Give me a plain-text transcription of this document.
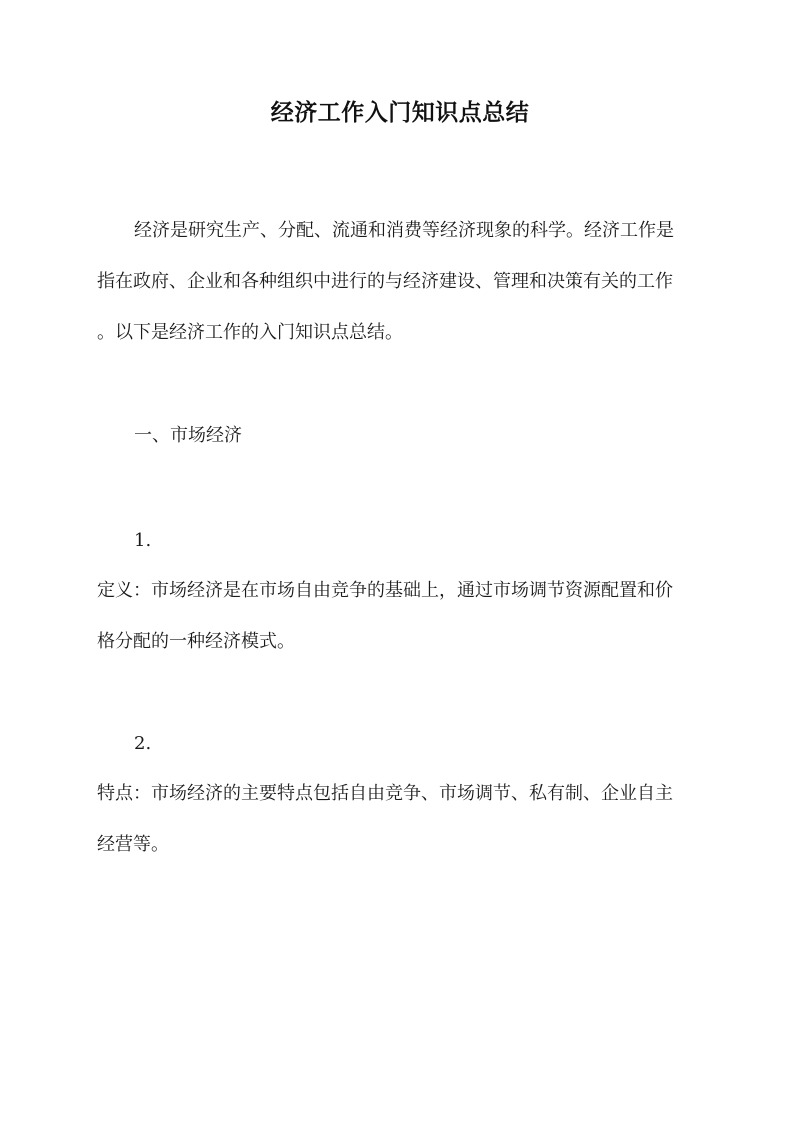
经济工作入门知识点总结
经济是研究生产、分配、流通和消费等经济现象的科学。经济工作是
指在政府、企业和各种组织中进行的与经济建设、管理和决策有关的工作
。以下是经济工作的入门知识点总结。
一、市场经济
1.
定义：市场经济是在市场自由竞争的基础上，通过市场调节资源配置和价
格分配的一种经济模式。
2.
特点：市场经济的主要特点包括自由竞争、市场调节、私有制、企业自主
经营等。
